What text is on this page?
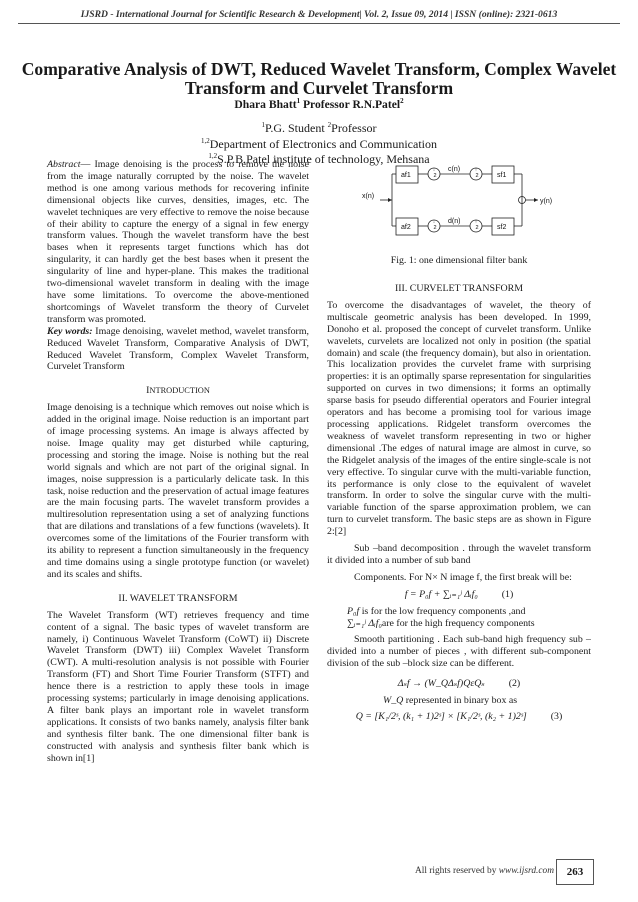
IJSRD - International Journal for Scientific Research & Development| Vol. 2, Issue 09, 2014 | ISSN (online): 2321-0613
Comparative Analysis of DWT, Reduced Wavelet Transform, Complex Wavelet Transform and Curvelet Transform
Dhara Bhatt$^1$ Professor R.N.Patel$^2$
$^1$P.G. Student $^2$Professor
$^{1,2}$Department of Electronics and Communication
$^{1,2}$S.P.B.Patel institute of technology, Mehsana

Abstract— Image denoising is the process to remove the noise from the image naturally corrupted by the noise. The wavelet method is one among various methods for recovering infinite dimensional objects like curves, densities, images, etc. The wavelet techniques are very effective to remove the noise because of their ability to capture the energy of a signal in few energy transform values. Though the wavelet transform have the best bases when it represents target functions which has dot singularity, it can hardly get the best bases when it present the singularity of line and hyper-plane. This makes the traditional two-dimensional wavelet transform in dealing with the image have some limitations. To overcome the above-mentioned shortcomings of Wavelet transform the theory of Curvelet transform was promoted.

Key words: Image denoising, wavelet method, wavelet transform, Reduced Wavelet Transform, Comparative Analysis of DWT, Reduced Wavelet Transform, Complex Wavelet Transform, Curvelet Transform

INTRODUCTION

Image denoising is a technique which removes out noise which is added in the original image. Noise reduction is an important part of image processing systems. An image is always affected by noise. Image quality may get disturbed while capturing, processing and storing the image. Noise is nothing but the real world signals and which are not part of the original signal. In images, noise suppression is a particularly delicate task. In this task, noise reduction and the preservation of actual image features are the main focusing parts. The wavelet transform provides a multiresolution representation using a set of analyzing functions that are dilations and translations of a few functions (wavelets). It overcomes some of the limitations of the Fourier transform with its ability to represent a function simultaneously in the frequency and time domains using a single prototype function (or wavelet) and its scales and shifts.

II. WAVELET TRANSFORM

The Wavelet Transform (WT) retrieves frequency and time content of a signal. The basic types of wavelet transform are namely, i) Continuous Wavelet Transform (CoWT) ii) Discrete Wavelet Transform (DWT) iii) Complex Wavelet Transform (CWT). A multi-resolution analysis is not possible with Fourier Transform (FT) and Short Time Fourier Transform (STFT) and hence there is a restriction to apply these tools in image processing systems; particularly in image denoising applications. A filter bank plays an important role in wavelet transform applications. It consists of two banks namely, analysis filter bank and synthesis filter bank. The one dimensional filter bank is constructed with analysis and synthesis filter bank which is shown in[1]

↓
↓
↑
↑
2
2
2
2
x(n)
y(n)
af1
af2
sf1
sf2
c(n)
d(n)
Fig. 1: one dimensional filter bank

III. CURVELET TRANSFORM

To overcome the disadvantages of wavelet, the theory of multiscale geometric analysis has been developed. In 1999, Donoho et al. proposed the concept of curvelet transform. Unlike wavelets, curvelets are localized not only in position (the spatial domain) and scale (the frequency domain), but also in orientation. This localization provides the curvelet frame with surprising properties: it is an optimally sparse representation for singularities supported on curves in two dimensions; it forms an optimally sparse basis for pseudo differential operators and Fourier integral operators and has become a promising tool for various image processing applications. Ridgelet transform overcomes the weakness of wavelet transform representing in two or higher dimensional .The edges of natural image are almost in curve, so the Ridgelet analysis of the images of the entire single-scale is not very effective. To singular curve with the multi-variable function, its performance is only close to the equivalent of wavelet transform. In order to solve the singular curve with the multi-variable function of the sparse approximation problem, we can turn to curvelet transform. The basic steps are as shown in Figure 2:[2]

Sub –band decomposition . through the wavelet transform it divided into a number of sub band

Components. For N× N image f, the first break will be:

f = P₀f + ∑ᵢ₌₁ʲ Δᵢf₀ (1)

P₀f is for the low frequency components ,and

∑ᵢ₌₁ʲ Δᵢf₀are for the high frequency components

Smooth partitioning . Each sub-band high frequency sub –divided into a number of pieces , with different sub-component division of the sub –block size can be different.

Δₛf → (W_QΔₛf)QεQₛ (2)

W_Q represented in binary box as

Q = [K₁/2ˢ, (k₁ + 1)2ˢ] × [K₁/2ˢ, (k₂ + 1)2ˢ] (3)

All rights reserved by www.ijsrd.com	263
